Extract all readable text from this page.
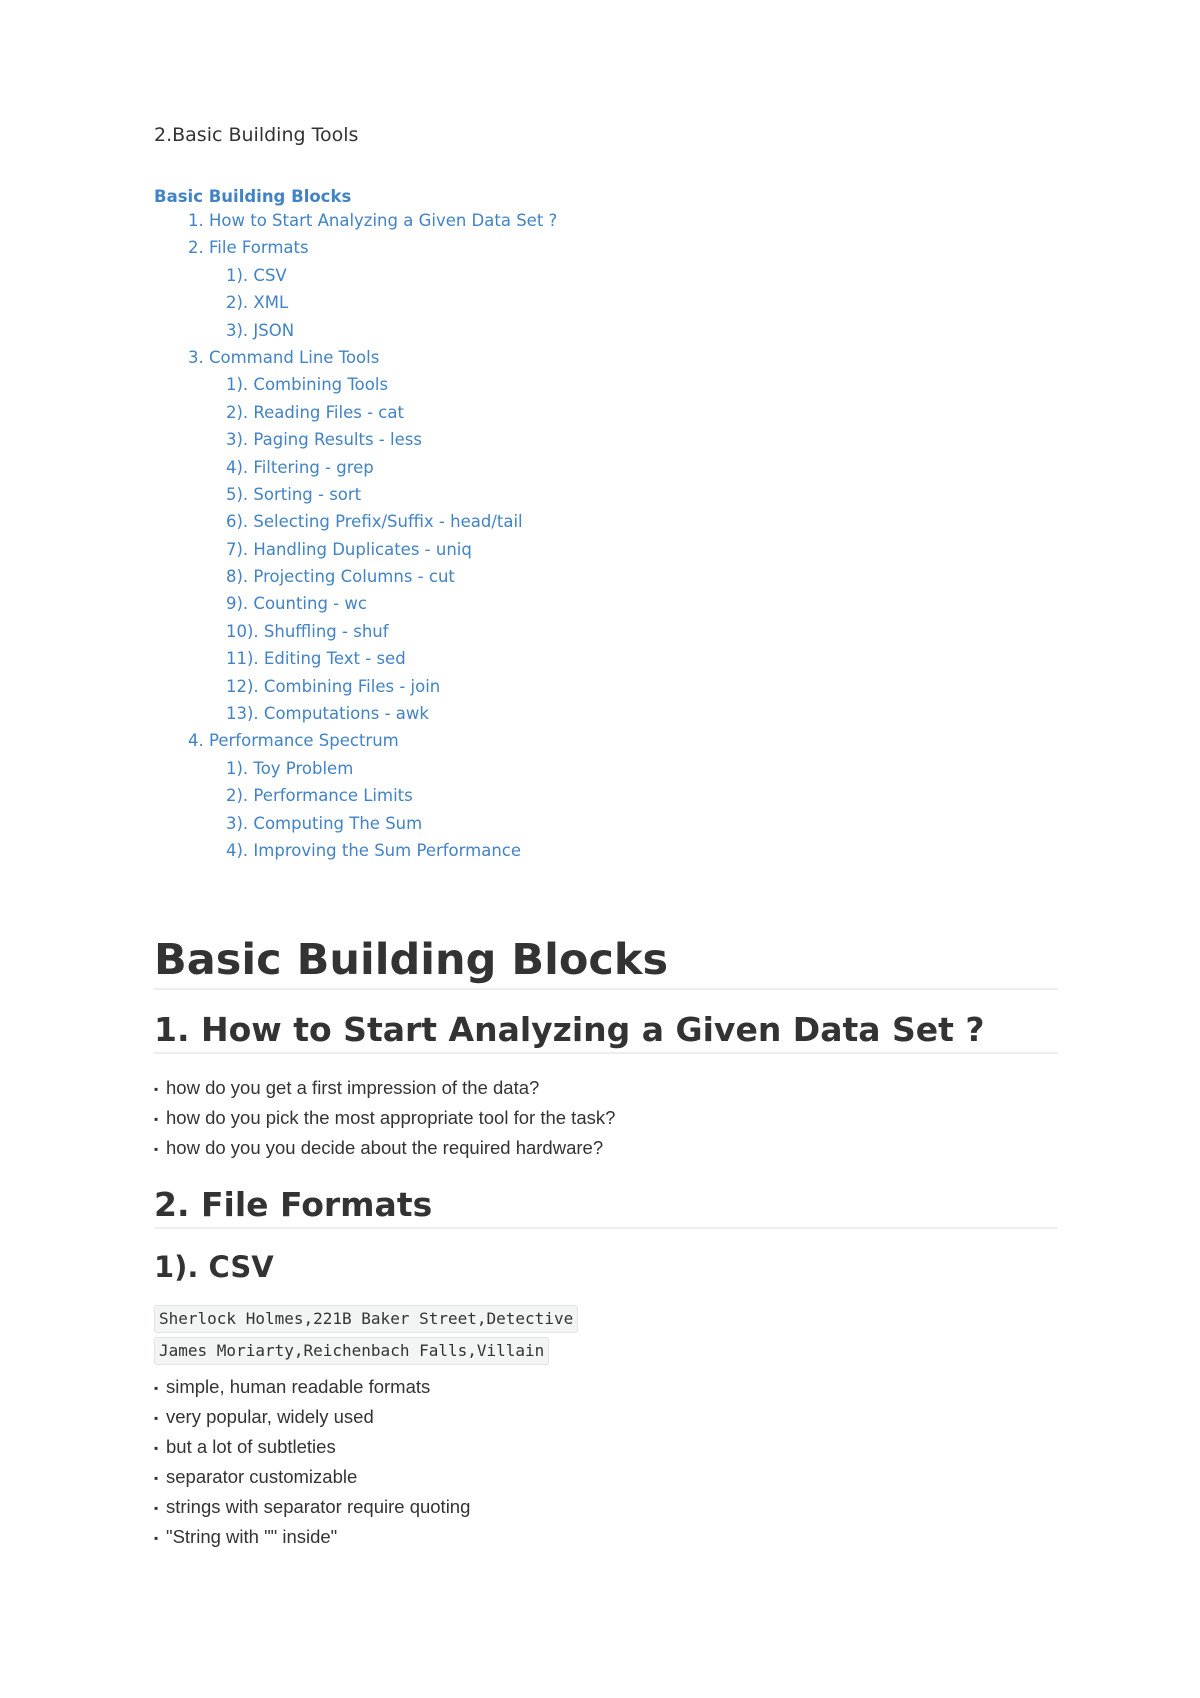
2.Basic Building Tools
Basic Building Blocks
1. How to Start Analyzing a Given Data Set ?
2. File Formats
1). CSV
2). XML
3). JSON
3. Command Line Tools
1). Combining Tools
2). Reading Files - cat
3). Paging Results - less
4). Filtering - grep
5). Sorting - sort
6). Selecting Prefix/Suffix - head/tail
7). Handling Duplicates - uniq
8). Projecting Columns - cut
9). Counting - wc
10). Shuffling - shuf
11). Editing Text - sed
12). Combining Files - join
13). Computations - awk
4. Performance Spectrum
1). Toy Problem
2). Performance Limits
3). Computing The Sum
4). Improving the Sum Performance
Basic Building Blocks
1. How to Start Analyzing a Given Data Set ?
▪ how do you get a first impression of the data?
▪ how do you pick the most appropriate tool for the task?
▪ how do you you decide about the required hardware?
2. File Formats
1). CSV
Sherlock Holmes,221B Baker Street,Detective
James Moriarty,Reichenbach Falls,Villain
▪ simple, human readable formats
▪ very popular, widely used
▪ but a lot of subtleties
▪ separator customizable
▪ strings with separator require quoting
▪ "String with "" inside"
